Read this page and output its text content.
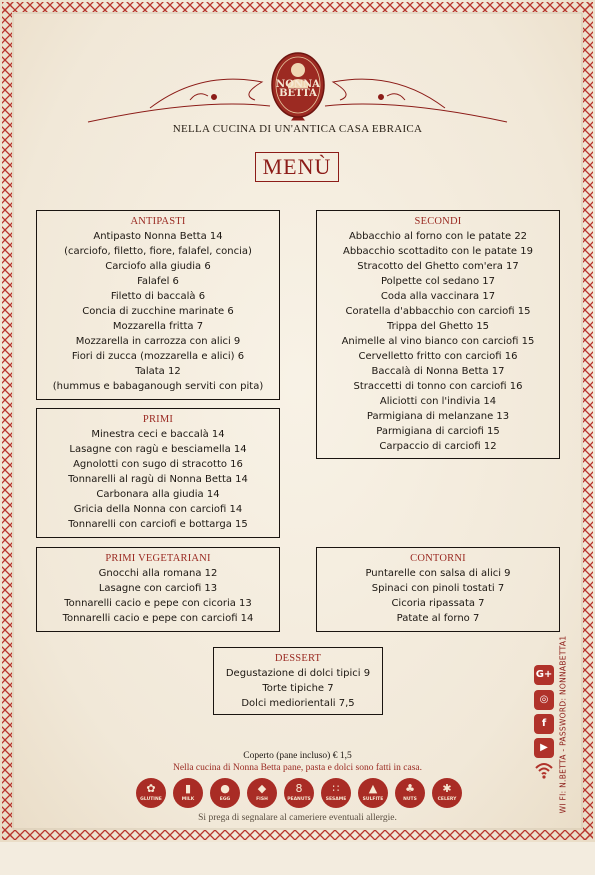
NONNA
BETTA
NELLA CUCINA DI UN'ANTICA CASA EBRAICA
MENÙ
ANTIPASTI
Antipasto Nonna Betta 14
(carciofo, filetto, fiore, falafel, concia)
Carciofo alla giudia 6
Falafel 6
Filetto di baccalà 6
Concia di zucchine marinate 6
Mozzarella fritta 7
Mozzarella in carrozza con alici 9
Fiori di zucca (mozzarella e alici) 6
Talata 12
(hummus e babaganough serviti con pita)
SECONDI
Abbacchio al forno con le patate 22
Abbacchio scottadito con le patate 19
Stracotto del Ghetto com'era 17
Polpette col sedano 17
Coda alla vaccinara 17
Coratella d'abbacchio con carciofi 15
Trippa del Ghetto 15
Animelle al vino bianco con carciofi 15
Cervelletto fritto con carciofi 16
Baccalà di Nonna Betta 17
Straccetti di tonno con carciofi 16
Aliciotti con l'indivia 14
Parmigiana di melanzane 13
Parmigiana di carciofi 15
Carpaccio di carciofi 12
PRIMI
Minestra ceci e baccalà 14
Lasagne con ragù e besciamella 14
Agnolotti con sugo di stracotto 16
Tonnarelli al ragù di Nonna Betta 14
Carbonara alla giudia 14
Gricia della Nonna con carciofi 14
Tonnarelli con carciofi e bottarga 15
PRIMI VEGETARIANI
Gnocchi alla romana 12
Lasagne con carciofi 13
Tonnarelli cacio e pepe con cicoria 13
Tonnarelli cacio e pepe con carciofi 14
CONTORNI
Puntarelle con salsa di alici 9
Spinaci con pinoli tostati 7
Cicoria ripassata 7
Patate al forno 7
DESSERT
Degustazione di dolci tipici 9
Torte tipiche 7
Dolci mediorientali 7,5
Coperto (pane incluso) € 1,5
Nella cucina di Nonna Betta pane, pasta e dolci sono fatti in casa.
✿
GLUTINE
▮
MILK
●
EGG
◆
FISH
8
PEANUTS
∷
SESAME
▲
SULFITE
♣
NUTS
✱
CELERY
Si prega di segnalare al cameriere eventuali allergie.
G+
◎
f
▶	WI FI: N.BETTA - PASSWORD: NONNABETTA1
